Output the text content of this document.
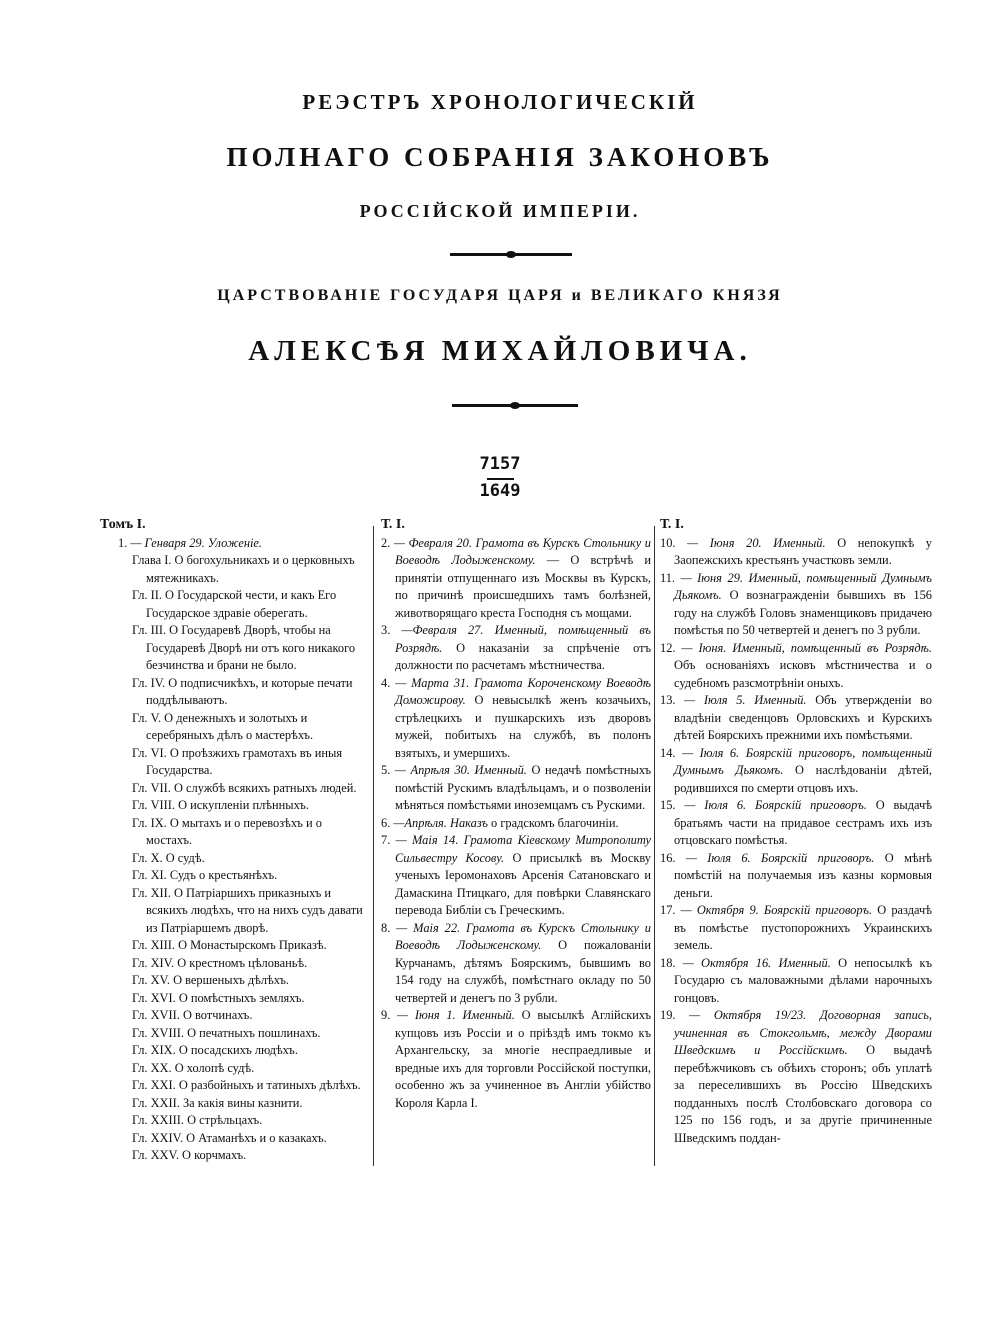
РЕЭСТРЪ ХРОНОЛОГИЧЕСКІЙ
ПОЛНАГО СОБРАНІЯ ЗАКОНОВЪ
РОССІЙСКОЙ ИМПЕРІИ.
ЦАРСТВОВАНІЕ ГОСУДАРЯ ЦАРЯ и ВЕЛИКАГО КНЯЗЯ
АЛЕКСѢЯ МИХАЙЛОВИЧА.
7157
1649
Томъ I.

1. — Генваря 29. Уложеніе.

Глава I. О богохульникахъ и о церковныхъ мятежникахъ.

Гл. II. О Государской чести, и какъ Его Государское здравіе оберегать.

Гл. III. О Государевѣ Дворѣ, чтобы на Государевѣ Дворѣ ни отъ кого никакого безчинства и брани не было.

Гл. IV. О подписчикѣхъ, и которые печати поддѣлываютъ.

Гл. V. О денежныхъ и золотыхъ и серебряныхъ дѣлъ о мастерѣхъ.

Гл. VI. О проѣзжихъ грамотахъ въ иныя Государства.

Гл. VII. О службѣ всякихъ ратныхъ людей.

Гл. VIII. О искупленіи плѣнныхъ.

Гл. IX. О мытахъ и о перевозѣхъ и о мостахъ.

Гл. X. О судѣ.

Гл. XI. Судъ о крестьянѣхъ.

Гл. XII. О Патріаршихъ приказныхъ и всякихъ людѣхъ, что на нихъ судъ давати из Патріаршемъ дворѣ.

Гл. XIII. О Монастырскомъ Приказѣ.

Гл. XIV. О крестномъ цѣлованьѣ.

Гл. XV. О вершеныхъ дѣлѣхъ.

Гл. XVI. О помѣстныхъ земляхъ.

Гл. XVII. О вотчинахъ.

Гл. XVIII. О печатныхъ пошлинахъ.

Гл. XIX. О посадскихъ людѣхъ.

Гл. XX. О холопѣ судѣ.

Гл. XXI. О разбойныхъ и татиныхъ дѣлѣхъ.

Гл. XXII. За какія вины казнити.

Гл. XXIII. О стрѣльцахъ.

Гл. XXIV. О Атаманѣхъ и о казакахъ.

Гл. XXV. О корчмахъ.

Т. I.

2. — Февраля 20. Грамота въ Курскъ Стольнику и Воеводѣ Лодыженскому. — О встрѣчѣ и принятіи отпущеннаго изъ Москвы въ Курскъ, по причинѣ происшедшихъ тамъ болѣзней, животворящаго креста Господня съ мощами.

3. —Февраля 27. Именный, помѣщенный въ Розрядѣ. О наказаніи за спрѣченіе отъ должности по расчетамъ мѣстничества.

4. — Марта 31. Грамота Короченскому Воеводѣ Доможирову. О невысылкѣ женъ козачьихъ, стрѣлецкихъ и пушкарскихъ изъ дворовъ мужей, побитыхъ на службѣ, въ полонъ взятыхъ, и умершихъ.

5. — Апрѣля 30. Именный. О недачѣ помѣстныхъ помѣстій Рускимъ владѣльцамъ, и о позволеніи мѣняться помѣстьями иноземцамъ съ Рускими.

6. —Апрѣля. Наказъ о градскомъ благочиніи.

7. — Маія 14. Грамота Кіевскому Митрополиту Сильвестру Косову. О присылкѣ въ Москву ученыхъ Іеромонаховъ Арсенія Сатановскаго и Дамаскина Птицкаго, для повѣрки Славянскаго перевода Библіи съ Греческимъ.

8. — Маія 22. Грамота въ Курскъ Стольнику и Воеводѣ Лодыженскому. О пожалованіи Курчанамъ, дѣтямъ Боярскимъ, бывшимъ во 154 году на службѣ, помѣстнаго окладу по 50 четвертей и денегъ по 3 рубли.

9. — Іюня 1. Именный. О высылкѣ Аглійскихъ купцовъ изъ Россіи и о пріѣздѣ имъ токмо къ Архангельску, за многіе неспраедливые и вредные ихъ для торговли Россійской поступки, особенно жъ за учиненное въ Англіи убійство Короля Карла I.

Т. I.

10. — Іюня 20. Именный. О непокупкѣ у Заопежскихъ крестьянъ участковъ земли.

11. — Іюня 29. Именный, помѣщенный Думнымъ Дьякомъ. О вознагражденіи бывшихъ въ 156 году на службѣ Головъ знаменщиковъ придачею помѣстья по 50 четвертей и денегъ по 3 рубли.

12. — Іюня. Именный, помѣщенный въ Розрядѣ. Объ основаніяхъ исковъ мѣстничества и о судебномъ разсмотрѣніи оныхъ.

13. — Іюля 5. Именный. Объ утвержденіи во владѣніи сведенцовъ Орловскихъ и Курскихъ дѣтей Боярскихъ прежними ихъ помѣстьями.

14. — Іюля 6. Боярскій приговоръ, помѣщенный Думнымъ Дьякомъ. О наслѣдованіи дѣтей, родившихся по смерти отцовъ ихъ.

15. — Іюля 6. Боярскій приговоръ. О выдачѣ братьямъ части на придавое сестрамъ ихъ изъ отцовскаго помѣстья.

16. — Іюля 6. Боярскій приговоръ. О мѣнѣ помѣстій на получаемыя изъ казны кормовыя деньги.

17. — Октября 9. Боярскій приговоръ. О раздачѣ въ помѣстье пустопорожнихъ Украинскихъ земель.

18. — Октября 16. Именный. О непосылкѣ къ Государю съ маловажными дѣлами нарочныхъ гонцовъ.

19. — Октября 19/23. Договорная запись, учиненная въ Стокгольмѣ, между Дворами Шведскимъ и Россійскимъ. О выдачѣ перебѣжчиковъ съ обѣихъ сторонъ; объ уплатѣ за переселившихъ въ Россію Шведскихъ подданныхъ послѣ Столбовскаго договора со 125 по 156 годъ, и за другіе причиненные Шведскимъ поддан-
